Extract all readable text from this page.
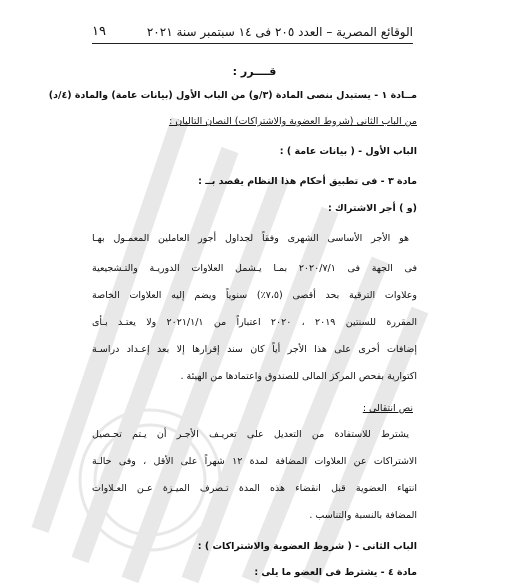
الوقائع المصرية – العدد ٢٠٥ فى ١٤ سبتمبر سنة ٢٠٢١
١٩
قــــرر :
مــادة ١ - يستبدل بنصى المادة (٣/و) من الباب الأول (بيانات عامة) والمادة (٤/د)
من الباب الثانى (شروط العضوية والاشتراكات) النصان التاليان :
الباب الأول - ( بيانات عامة ) :
مادة ٣ - فى تطبيق أحكام هذا النظام يقصد بــ :
(و ) أجر الاشتراك :
هو الأجر الأساسى الشهرى وفقاً لجداول أجور العاملين المعمـول بهـا
فى الجهة فى ٢٠٢٠/٧/١ بمـا يـشمل العلاوات الدوريـة والتـشجيعية
وعلاوات الترقية بحد أقصى (٧،٥٪) سنوياً ويضم إليه العلاوات الخاصة
المقررة للسنتين ٢٠١٩ ، ٢٠٢٠ اعتباراً من ٢٠٢١/١/١ ولا يعتـد بـأى
إضافات أخرى على هذا الأجر أياً كان سند إقرارها إلا بعد إعـداد دراسـة
اكتوارية بفحص المركز المالى للصندوق واعتمادها من الهيئة .
نص انتقالى :
يشترط للاستفادة من التعديل على تعريـف الأجـر أن يـتم تحـصيل
الاشتراكات عن العلاوات المضافة لمدة ١٢ شهراً على الأقل ، وفى حالـة
انتهاء العضوية قبل انقضاء هذه المدة تـصرف الميـزة عـن العـلاوات
المضافة بالنسبة والتناسب .
الباب الثانى - ( شروط العضوية والاشتراكات ) :
مادة ٤ - يشترط فى العضو ما يلى :
